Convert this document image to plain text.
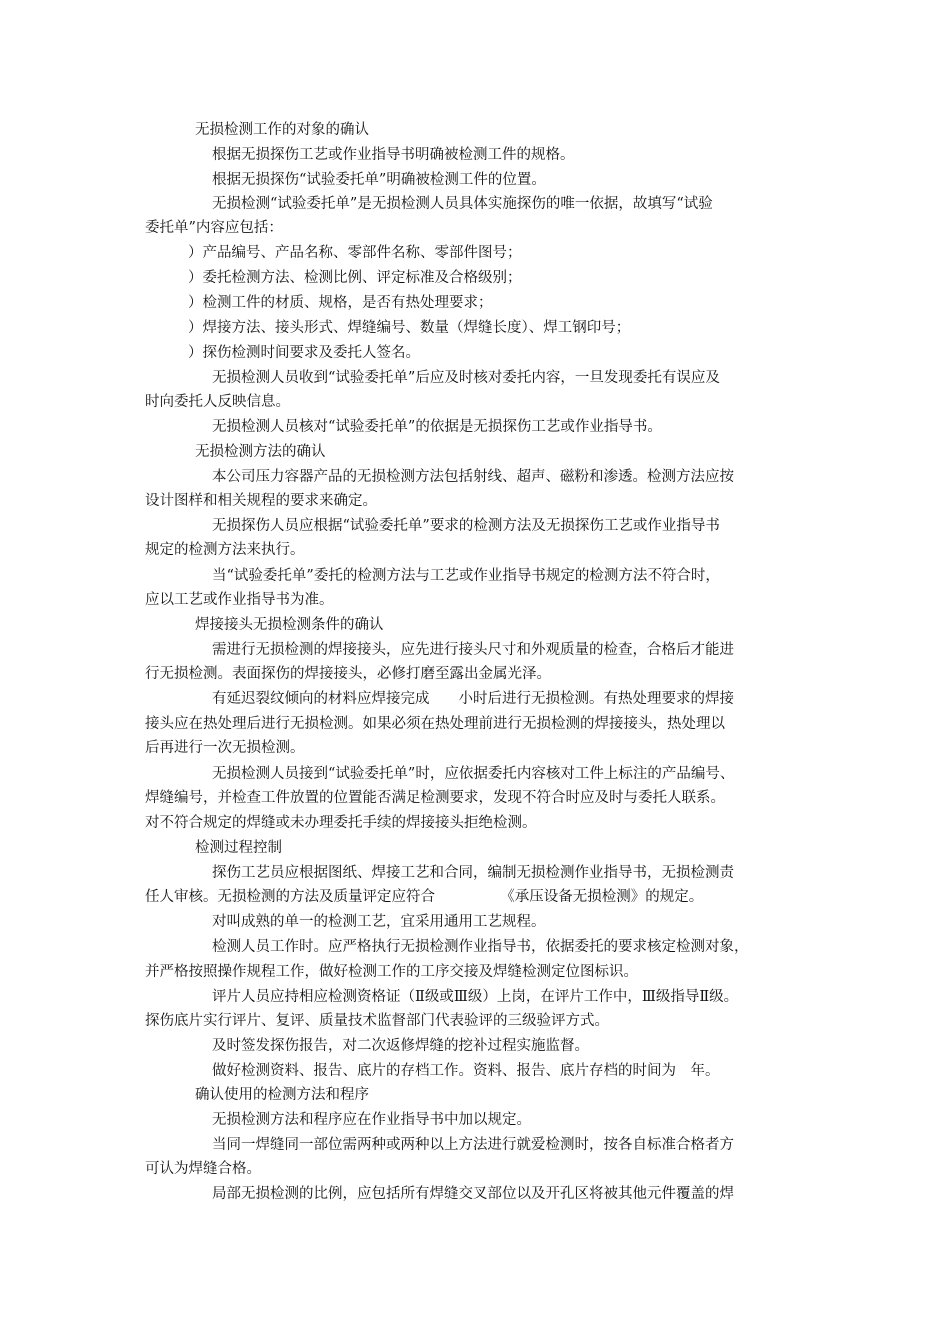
无损检测工作的对象的确认
根据无损探伤工艺或作业指导书明确被检测工件的规格。
根据无损探伤“试验委托单”明确被检测工件的位置。
无损检测“试验委托单”是无损检测人员具体实施探伤的唯一依据，故填写“试验
委托单”内容应包括：
）产品编号、产品名称、零部件名称、零部件图号；
）委托检测方法、检测比例、评定标准及合格级别；
）检测工件的材质、规格，是否有热处理要求；
）焊接方法、接头形式、焊缝编号、数量（焊缝长度）、焊工钢印号；
）探伤检测时间要求及委托人签名。
无损检测人员收到“试验委托单”后应及时核对委托内容，一旦发现委托有误应及
时向委托人反映信息。
无损检测人员核对“试验委托单”的依据是无损探伤工艺或作业指导书。
无损检测方法的确认
本公司压力容器产品的无损检测方法包括射线、超声、磁粉和渗透。检测方法应按
设计图样和相关规程的要求来确定。
无损探伤人员应根据“试验委托单”要求的检测方法及无损探伤工艺或作业指导书
规定的检测方法来执行。
当“试验委托单”委托的检测方法与工艺或作业指导书规定的检测方法不符合时，
应以工艺或作业指导书为准。
焊接接头无损检测条件的确认
需进行无损检测的焊接接头，应先进行接头尺寸和外观质量的检查，合格后才能进
行无损检测。表面探伤的焊接接头，必修打磨至露出金属光泽。
有延迟裂纹倾向的材料应焊接完成　　小时后进行无损检测。有热处理要求的焊接
接头应在热处理后进行无损检测。如果必须在热处理前进行无损检测的焊接接头，热处理以
后再进行一次无损检测。
无损检测人员接到“试验委托单”时，应依据委托内容核对工件上标注的产品编号、
焊缝编号，并检查工件放置的位置能否满足检测要求，发现不符合时应及时与委托人联系。
对不符合规定的焊缝或未办理委托手续的焊接接头拒绝检测。
检测过程控制
探伤工艺员应根据图纸、焊接工艺和合同，编制无损检测作业指导书，无损检测责
任人审核。无损检测的方法及质量评定应符合　　　　　《承压设备无损检测》的规定。
对叫成熟的单一的检测工艺，宜采用通用工艺规程。
检测人员工作时。应严格执行无损检测作业指导书，依据委托的要求核定检测对象，
并严格按照操作规程工作，做好检测工作的工序交接及焊缝检测定位图标识。
评片人员应持相应检测资格证（Ⅱ级或Ⅲ级）上岗，在评片工作中，Ⅲ级指导Ⅱ级。
探伤底片实行评片、复评、质量技术监督部门代表验评的三级验评方式。
及时签发探伤报告，对二次返修焊缝的挖补过程实施监督。
做好检测资料、报告、底片的存档工作。资料、报告、底片存档的时间为　年。
确认使用的检测方法和程序
无损检测方法和程序应在作业指导书中加以规定。
当同一焊缝同一部位需两种或两种以上方法进行就爱检测时，按各自标准合格者方
可认为焊缝合格。
局部无损检测的比例，应包括所有焊缝交叉部位以及开孔区将被其他元件覆盖的焊
